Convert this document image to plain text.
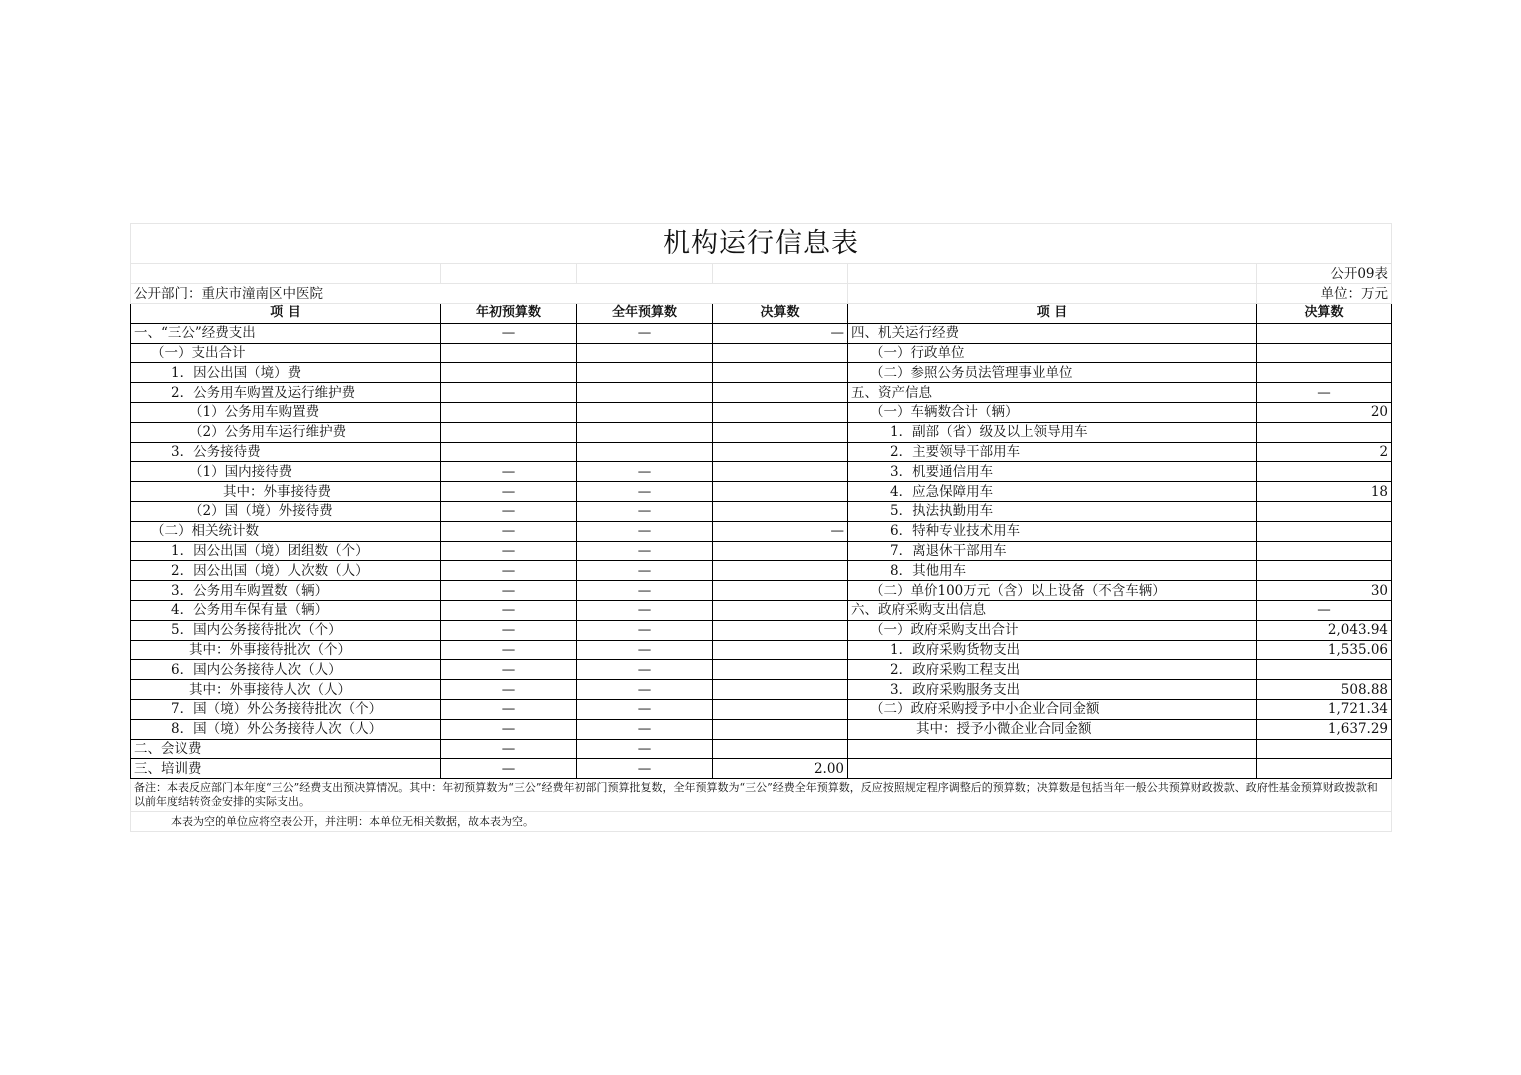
机构运行信息表					
					公开09表
公开部门：重庆市潼南区中医院					单位：万元
项 目	年初预算数	全年预算数	决算数	项 目	决算数
一、“三公”经费支出	—	—	—	四、机关运行经费	
（一）支出合计				（一）行政单位	
1．因公出国（境）费				（二）参照公务员法管理事业单位	
2．公务用车购置及运行维护费				五、资产信息	—
（1）公务用车购置费				（一）车辆数合计（辆）	20
（2）公务用车运行维护费				1．副部（省）级及以上领导用车	
3．公务接待费				2．主要领导干部用车	2
（1）国内接待费	—	—		3．机要通信用车	
其中：外事接待费	—	—		4．应急保障用车	18
（2）国（境）外接待费	—	—		5．执法执勤用车	
（二）相关统计数	—	—	—	6．特种专业技术用车	
1．因公出国（境）团组数（个）	—	—		7．离退休干部用车	
2．因公出国（境）人次数（人）	—	—		8．其他用车	
3．公务用车购置数（辆）	—	—		（二）单价100万元（含）以上设备（不含车辆）	30
4．公务用车保有量（辆）	—	—		六、政府采购支出信息	—
5．国内公务接待批次（个）	—	—		（一）政府采购支出合计	2,043.94
其中：外事接待批次（个）	—	—		1．政府采购货物支出	1,535.06
6．国内公务接待人次（人）	—	—		2．政府采购工程支出	
其中：外事接待人次（人）	—	—		3．政府采购服务支出	508.88
7．国（境）外公务接待批次（个）	—	—		（二）政府采购授予中小企业合同金额	1,721.34
8．国（境）外公务接待人次（人）	—	—		其中：授予小微企业合同金额	1,637.29
二、会议费	—	—			
三、培训费	—	—	2.00		
备注：本表反应部门本年度“三公”经费支出预决算情况。其中：年初预算数为“三公”经费年初部门预算批复数，全年预算数为“三公”经费全年预算数，反应按照规定程序调整后的预算数；决算数是包括当年一般公共预算财政拨款、政府性基金预算财政拨款和以前年度结转资金安排的实际支出。					
本表为空的单位应将空表公开，并注明：本单位无相关数据，故本表为空。					
